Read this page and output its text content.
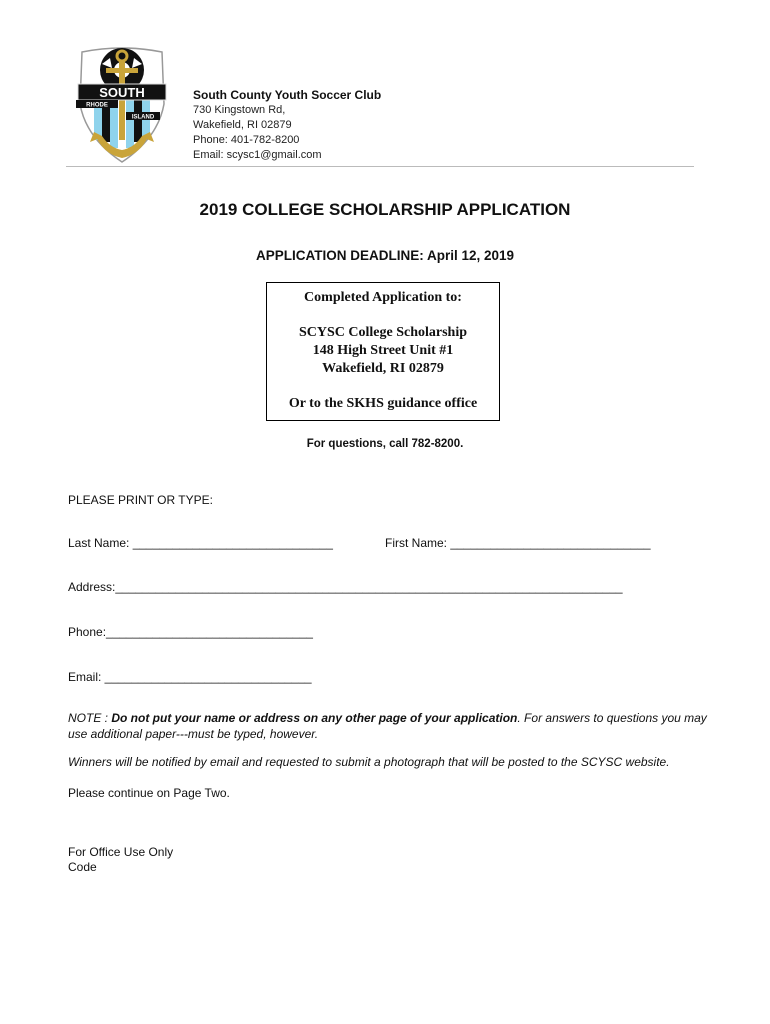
SOUTH
RHODE
ISLAND
South County Youth Soccer Club
730 Kingstown Rd,
Wakefield, RI 02879
Phone: 401-782-8200
Email: scysc1@gmail.com
2019 COLLEGE SCHOLARSHIP APPLICATION
APPLICATION DEADLINE: April 12, 2019
Completed Application to:
SCYSC College Scholarship
148 High Street Unit #1
Wakefield, RI 02879
Or to the SKHS guidance office
For questions, call 782-8200.
PLEASE PRINT OR TYPE:
Last Name: ______________________________	First Name: ______________________________
Address:____________________________________________________________________________
Phone:_______________________________
Email: _______________________________
NOTE : Do not put your name or address on any other page of your application. For answers to questions you may use additional paper---must be typed, however.
Winners will be notified by email and requested to submit a photograph that will be posted to the SCYSC website.
Please continue on Page Two.
For Office Use Only
Code
